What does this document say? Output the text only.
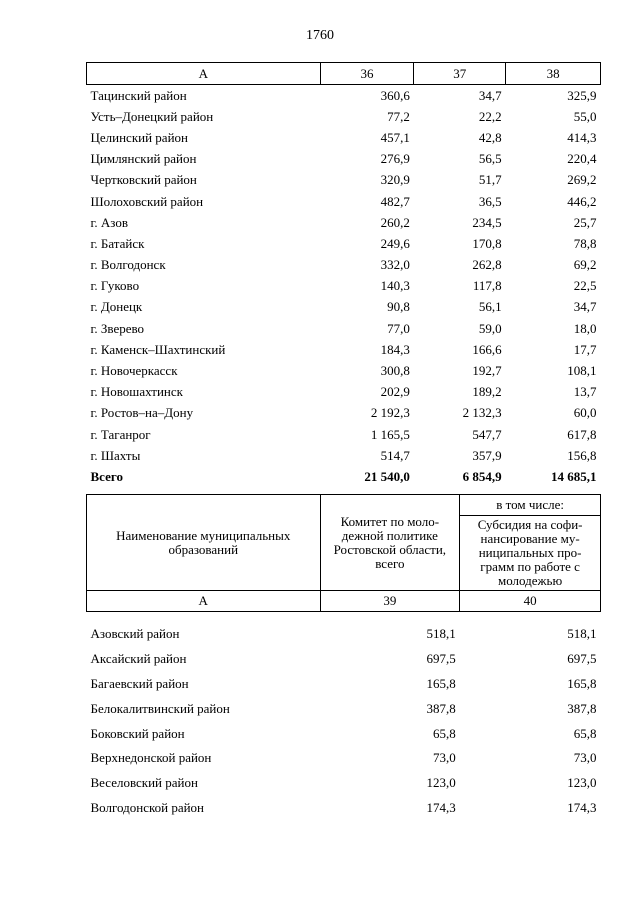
1760
А	36	37	38
Тацинский район	360,6	34,7	325,9
Усть–Донецкий район	77,2	22,2	55,0
Целинский район	457,1	42,8	414,3
Цимлянский район	276,9	56,5	220,4
Чертковский район	320,9	51,7	269,2
Шолоховский район	482,7	36,5	446,2
г. Азов	260,2	234,5	25,7
г. Батайск	249,6	170,8	78,8
г. Волгодонск	332,0	262,8	69,2
г. Гуково	140,3	117,8	22,5
г. Донецк	90,8	56,1	34,7
г. Зверево	77,0	59,0	18,0
г. Каменск–Шахтинский	184,3	166,6	17,7
г. Новочеркасск	300,8	192,7	108,1
г. Новошахтинск	202,9	189,2	13,7
г. Ростов–на–Дону	2 192,3	2 132,3	60,0
г. Таганрог	1 165,5	547,7	617,8
г. Шахты	514,7	357,9	156,8
Всего	21 540,0	6 854,9	14 685,1
Наименование муниципальных образований	Комитет по моло-дежной политике Ростовской области, всего	в том числе:
		Субсидия на софи-нансирование му-ниципальных про-грамм по работе с молодежью
А	39	40

Азовский район	518,1	518,1
Аксайский район	697,5	697,5
Багаевский район	165,8	165,8
Белокалитвинский район	387,8	387,8
Боковский район	65,8	65,8
Верхнедонской район	73,0	73,0
Веселовский район	123,0	123,0
Волгодонской район	174,3	174,3
